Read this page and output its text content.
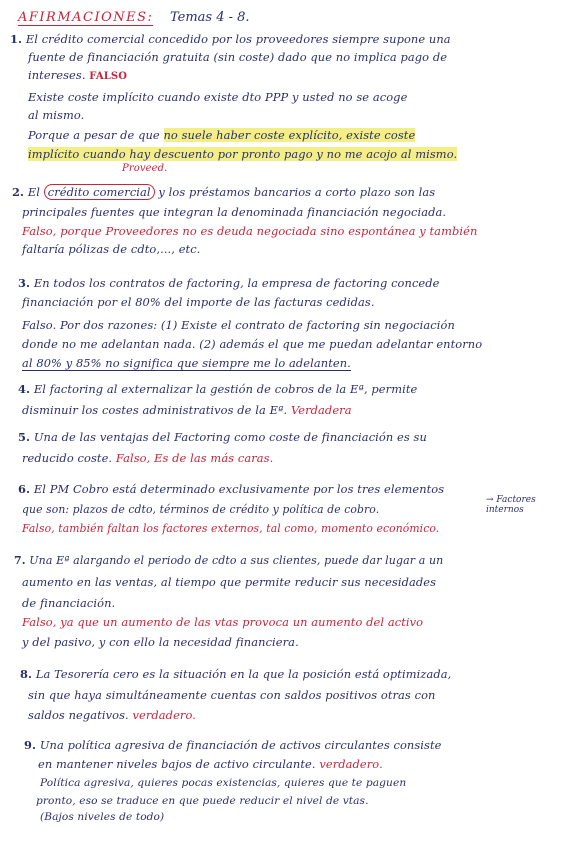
AFIRMACIONES: Temas 4 - 8.
1. El crédito comercial concedido por los proveedores siempre supone una
fuente de financiación gratuita (sin coste) dado que no implica pago de
intereses. FALSO
Existe coste implícito cuando existe dto PPP y usted no se acoge
al mismo.
Porque a pesar de que no suele haber coste explícito, existe coste
implícito cuando hay descuento por pronto pago y no me acojo al mismo.
Proveed.
2. El crédito comercial y los préstamos bancarios a corto plazo son las
principales fuentes que integran la denominada financiación negociada.
Falso, porque Proveedores no es deuda negociada sino espontánea y también
faltaría pólizas de cdto,..., etc.
3. En todos los contratos de factoring, la empresa de factoring concede
financiación por el 80% del importe de las facturas cedidas.
Falso. Por dos razones: (1) Existe el contrato de factoring sin negociación
donde no me adelantan nada. (2) además el que me puedan adelantar entorno
al 80% y 85% no significa que siempre me lo adelanten.
4. El factoring al externalizar la gestión de cobros de la Eª, permite
disminuir los costes administrativos de la Eª. Verdadera
5. Una de las ventajas del Factoring como coste de financiación es su
reducido coste. Falso, Es de las más caras.
6. El PM Cobro está determinado exclusivamente por los tres elementos
que son: plazos de cdto, términos de crédito y política de cobro.
→ Factores internos
Falso, también faltan los factores externos, tal como, momento económico.
7. Una Eª alargando el periodo de cdto a sus clientes, puede dar lugar a un
aumento en las ventas, al tiempo que permite reducir sus necesidades
de financiación.
Falso, ya que un aumento de las vtas provoca un aumento del activo
y del pasivo, y con ello la necesidad financiera.
8. La Tesorería cero es la situación en la que la posición está optimizada,
sin que haya simultáneamente cuentas con saldos positivos otras con
saldos negativos. verdadero.
9. Una política agresiva de financiación de activos circulantes consiste
en mantener niveles bajos de activo circulante. verdadero.
Política agresiva, quieres pocas existencias, quieres que te paguen
pronto, eso se traduce en que puede reducir el nivel de vtas.
(Bajos niveles de todo)
